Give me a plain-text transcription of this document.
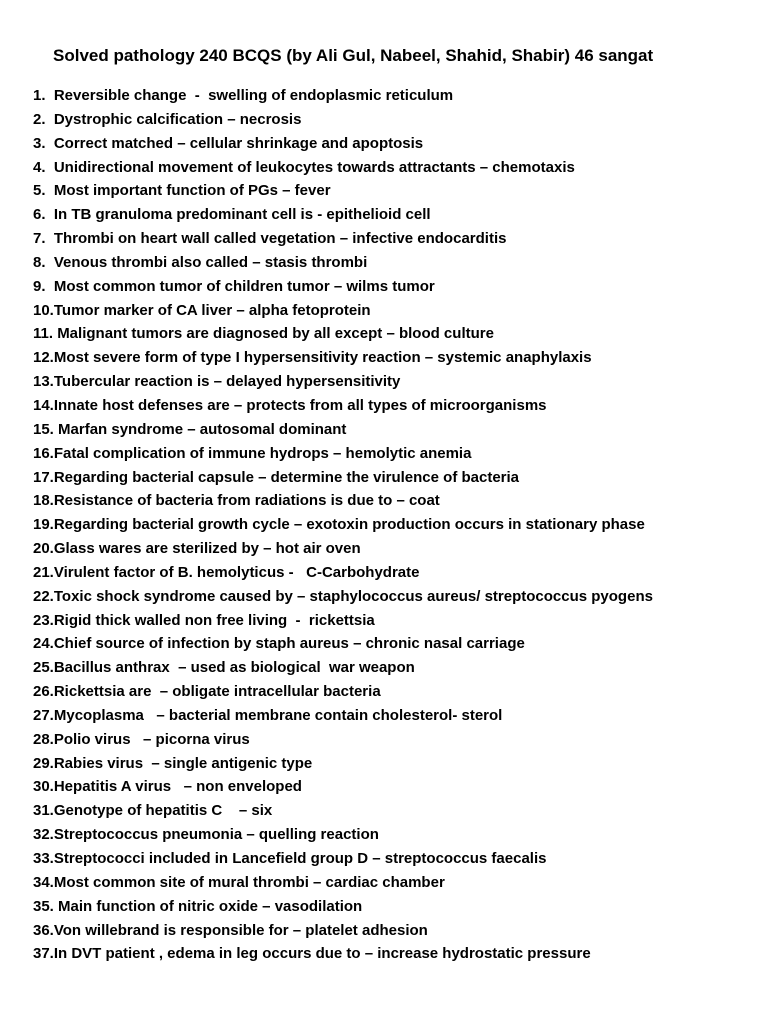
Solved pathology 240 BCQS (by Ali Gul, Nabeel, Shahid, Shabir) 46 sangat
1.  Reversible change  -  swelling of endoplasmic reticulum
2.  Dystrophic calcification – necrosis
3.  Correct matched – cellular shrinkage and apoptosis
4.  Unidirectional movement of leukocytes towards attractants – chemotaxis
5.  Most important function of PGs – fever
6.  In TB granuloma predominant cell is - epithelioid cell
7.  Thrombi on heart wall called vegetation – infective endocarditis
8.  Venous thrombi also called – stasis thrombi
9.  Most common tumor of children tumor – wilms tumor
10.Tumor marker of CA liver – alpha fetoprotein
11. Malignant tumors are diagnosed by all except – blood culture
12.Most severe form of type I hypersensitivity reaction – systemic anaphylaxis
13.Tubercular reaction is – delayed hypersensitivity
14.Innate host defenses are – protects from all types of microorganisms
15. Marfan syndrome – autosomal dominant
16.Fatal complication of immune hydrops – hemolytic anemia
17.Regarding bacterial capsule – determine the virulence of bacteria
18.Resistance of bacteria from radiations is due to – coat
19.Regarding bacterial growth cycle – exotoxin production occurs in stationary phase
20.Glass wares are sterilized by – hot air oven
21.Virulent factor of B. hemolyticus -   C-Carbohydrate
22.Toxic shock syndrome caused by – staphylococcus aureus/ streptococcus pyogens
23.Rigid thick walled non free living  -  rickettsia
24.Chief source of infection by staph aureus – chronic nasal carriage
25.Bacillus anthrax  – used as biological  war weapon
26.Rickettsia are  – obligate intracellular bacteria
27.Mycoplasma   – bacterial membrane contain cholesterol- sterol
28.Polio virus   – picorna virus
29.Rabies virus  – single antigenic type
30.Hepatitis A virus   – non enveloped
31.Genotype of hepatitis C    – six
32.Streptococcus pneumonia – quelling reaction
33.Streptococci included in Lancefield group D – streptococcus faecalis
34.Most common site of mural thrombi – cardiac chamber
35. Main function of nitric oxide – vasodilation
36.Von willebrand is responsible for – platelet adhesion
37.In DVT patient , edema in leg occurs due to – increase hydrostatic pressure
